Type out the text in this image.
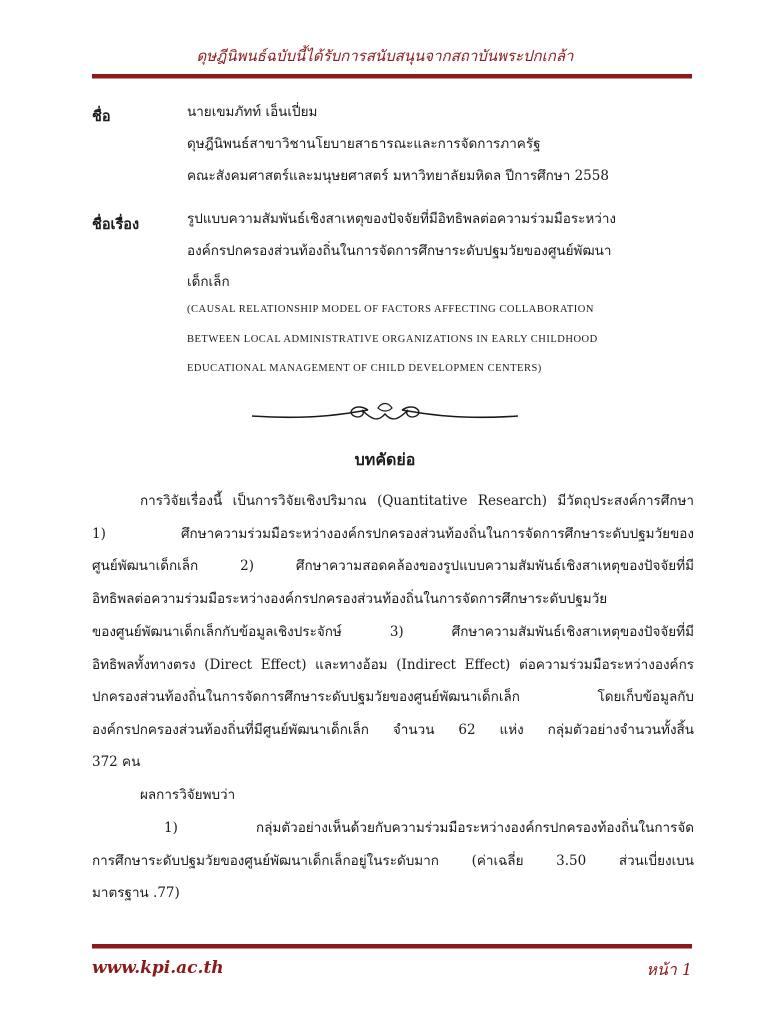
ดุษฎีนิพนธ์ฉบับนี้ได้รับการสนับสนุนจากสถาบันพระปกเกล้า
ชื่อ	นายเขมภัทท์ เอ็นเปี่ยม
ดุษฎีนิพนธ์สาขาวิชานโยบายสาธารณะและการจัดการภาครัฐ
คณะสังคมศาสตร์และมนุษยศาสตร์ มหาวิทยาลัยมหิดล ปีการศึกษา 2558
ชื่อเรื่อง	รูปแบบความสัมพันธ์เชิงสาเหตุของปัจจัยที่มีอิทธิพลต่อความร่วมมือระหว่าง
องค์กรปกครองส่วนท้องถิ่นในการจัดการศึกษาระดับปฐมวัยของศูนย์พัฒนา
เด็กเล็ก
(CAUSAL RELATIONSHIP MODEL OF FACTORS AFFECTING COLLABORATION
BETWEEN LOCAL ADMINISTRATIVE ORGANIZATIONS IN EARLY CHILDHOOD
EDUCATIONAL MANAGEMENT OF CHILD DEVELOPMEN CENTERS)
บทคัดย่อ
การวิจัยเรื่องนี้ เป็นการวิจัยเชิงปริมาณ (Quantitative Research) มีวัตถุประสงค์การศึกษา
1) ศึกษาความร่วมมือระหว่างองค์กรปกครองส่วนท้องถิ่นในการจัดการศึกษาระดับปฐมวัยของ
ศูนย์พัฒนาเด็กเล็ก 2) ศึกษาความสอดคล้องของรูปแบบความสัมพันธ์เชิงสาเหตุของปัจจัยที่มี
อิทธิพลต่อความร่วมมือระหว่างองค์กรปกครองส่วนท้องถิ่นในการจัดการศึกษาระดับปฐมวัย
ของศูนย์พัฒนาเด็กเล็กกับข้อมูลเชิงประจักษ์ 3) ศึกษาความสัมพันธ์เชิงสาเหตุของปัจจัยที่มี
อิทธิพลทั้งทางตรง (Direct Effect) และทางอ้อม (Indirect Effect) ต่อความร่วมมือระหว่างองค์กร
ปกครองส่วนท้องถิ่นในการจัดการศึกษาระดับปฐมวัยของศูนย์พัฒนาเด็กเล็ก โดยเก็บข้อมูลกับ
องค์กรปกครองส่วนท้องถิ่นที่มีศูนย์พัฒนาเด็กเล็ก จำนวน 62 แห่ง กลุ่มตัวอย่างจำนวนทั้งสิ้น
372 คน
ผลการวิจัยพบว่า
1) กลุ่มตัวอย่างเห็นด้วยกับความร่วมมือระหว่างองค์กรปกครองท้องถิ่นในการจัด
การศึกษาระดับปฐมวัยของศูนย์พัฒนาเด็กเล็กอยู่ในระดับมาก (ค่าเฉลี่ย 3.50 ส่วนเบี่ยงเบน
มาตรฐาน .77)
www.kpi.ac.th	หน้า 1
